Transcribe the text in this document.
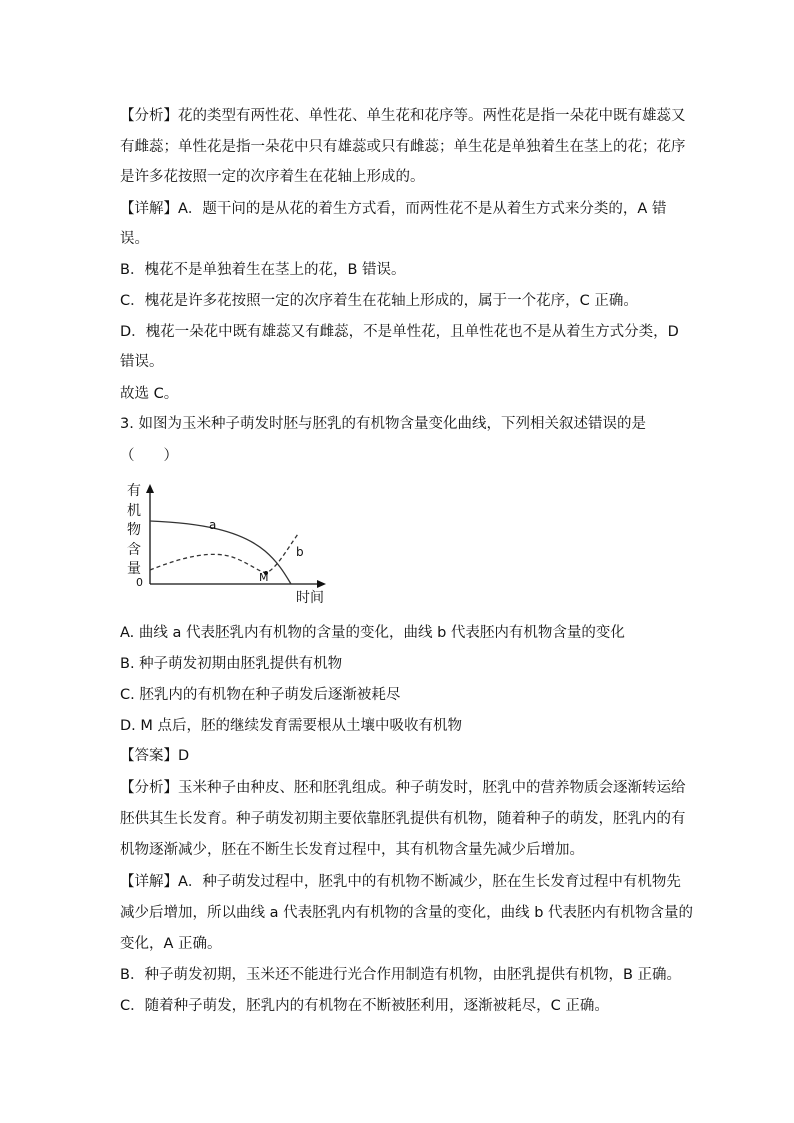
【分析】花的类型有两性花、单性花、单生花和花序等。两性花是指一朵花中既有雄蕊又
有雌蕊；单性花是指一朵花中只有雄蕊或只有雌蕊；单生花是单独着生在茎上的花；花序
是许多花按照一定的次序着生在花轴上形成的。
【详解】A．题干问的是从花的着生方式看，而两性花不是从着生方式来分类的，A 错
误。
B．槐花不是单独着生在茎上的花，B 错误。
C．槐花是许多花按照一定的次序着生在花轴上形成的，属于一个花序，C 正确。
D．槐花一朵花中既有雄蕊又有雌蕊，不是单性花，且单性花也不是从着生方式分类，D
错误。
故选 C。
3. 如图为玉米种子萌发时胚与胚乳的有机物含量变化曲线，下列相关叙述错误的是
（　　）
有
机
物
含
量
0
时间
a
b
M
A. 曲线 a 代表胚乳内有机物的含量的变化，曲线 b 代表胚内有机物含量的变化
B. 种子萌发初期由胚乳提供有机物
C. 胚乳内的有机物在种子萌发后逐渐被耗尽
D. M 点后，胚的继续发育需要根从土壤中吸收有机物
【答案】D
【分析】玉米种子由种皮、胚和胚乳组成。种子萌发时，胚乳中的营养物质会逐渐转运给
胚供其生长发育。种子萌发初期主要依靠胚乳提供有机物，随着种子的萌发，胚乳内的有
机物逐渐减少，胚在不断生长发育过程中，其有机物含量先减少后增加。
【详解】A．种子萌发过程中，胚乳中的有机物不断减少，胚在生长发育过程中有机物先
减少后增加，所以曲线 a 代表胚乳内有机物的含量的变化，曲线 b 代表胚内有机物含量的
变化，A 正确。
B．种子萌发初期，玉米还不能进行光合作用制造有机物，由胚乳提供有机物，B 正确。
C．随着种子萌发，胚乳内的有机物在不断被胚利用，逐渐被耗尽，C 正确。
